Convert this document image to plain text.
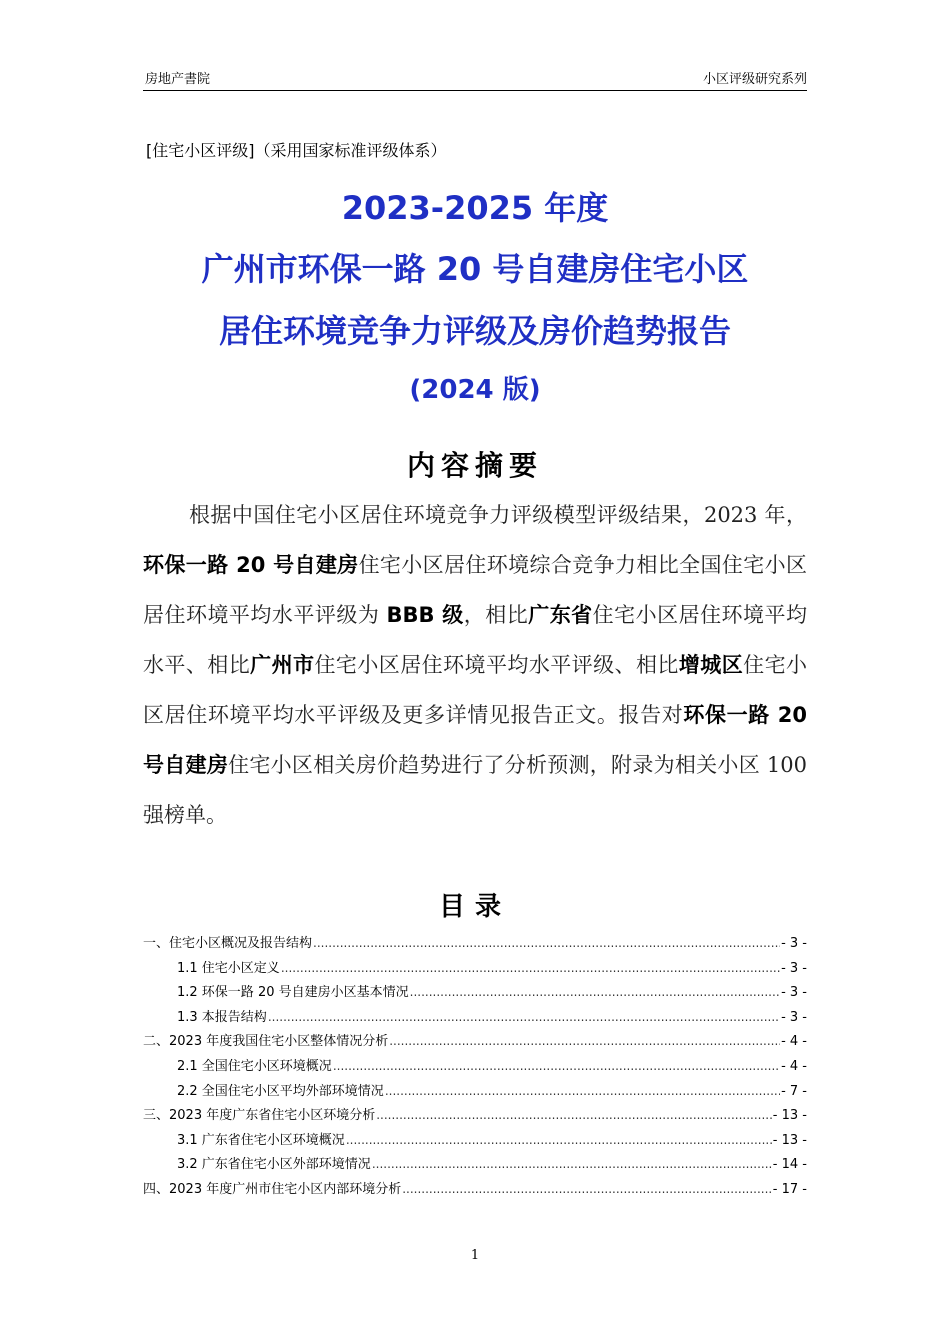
房地产書院	小区评级研究系列
[住宅小区评级]（采用国家标准评级体系）
2023-2025 年度
广州市环保一路 20 号自建房住宅小区
居住环境竞争力评级及房价趋势报告
(2024 版)
内容摘要

根据中国住宅小区居住环境竞争力评级模型评级结果，2023 年，环保一路 20 号自建房住宅小区居住环境综合竞争力相比全国住宅小区居住环境平均水平评级为 BBB 级，相比广东省住宅小区居住环境平均水平、相比广州市住宅小区居住环境平均水平评级、相比增城区住宅小区居住环境平均水平评级及更多详情见报告正文。报告对环保一路 20 号自建房住宅小区相关房价趋势进行了分析预测，附录为相关小区 100 强榜单。

目录
一、住宅小区概况及报告结构 .....	- 3 -
1.1 住宅小区定义 .....	- 3 -
1.2 环保一路 20 号自建房小区基本情况 .....	- 3 -
1.3 本报告结构 .....	- 3 -
二、2023 年度我国住宅小区整体情况分析 .....	- 4 -
2.1 全国住宅小区环境概况 .....	- 4 -
2.2 全国住宅小区平均外部环境情况 .....	- 7 -
三、2023 年度广东省住宅小区环境分析 .....	- 13 -
3.1 广东省住宅小区环境概况 .....	- 13 -
3.2 广东省住宅小区外部环境情况 .....	- 14 -
四、2023 年度广州市住宅小区内部环境分析 .....	- 17 -
1
